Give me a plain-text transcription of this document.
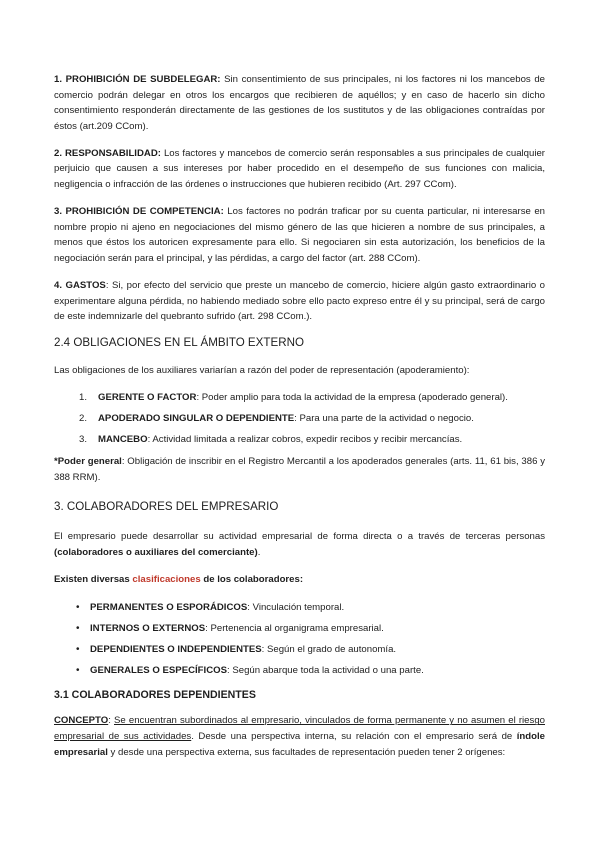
1. PROHIBICIÓN DE SUBDELEGAR: Sin consentimiento de sus principales, ni los factores ni los mancebos de comercio podrán delegar en otros los encargos que recibieren de aquéllos; y en caso de hacerlo sin dicho consentimiento responderán directamente de las gestiones de los sustitutos y de las obligaciones contraídas por éstos (art.209 CCom).

2. RESPONSABILIDAD: Los factores y mancebos de comercio serán responsables a sus principales de cualquier perjuicio que causen a sus intereses por haber procedido en el desempeño de sus funciones con malicia, negligencia o infracción de las órdenes o instrucciones que hubieren recibido (Art. 297 CCom).

3. PROHIBICIÓN DE COMPETENCIA: Los factores no podrán traficar por su cuenta particular, ni interesarse en nombre propio ni ajeno en negociaciones del mismo género de las que hicieren a nombre de sus principales, a menos que éstos los autoricen expresamente para ello. Si negociaren sin esta autorización, los beneficios de la negociación serán para el principal, y las pérdidas, a cargo del factor (art. 288 CCom).

4. GASTOS: Si, por efecto del servicio que preste un mancebo de comercio, hiciere algún gasto extraordinario o experimentare alguna pérdida, no habiendo mediado sobre ello pacto expreso entre él y su principal, será de cargo de este indemnizarle del quebranto sufrido (art. 298 CCom.).

2.4 OBLIGACIONES EN EL ÁMBITO EXTERNO

Las obligaciones de los auxiliares variarían a razón del poder de representación (apoderamiento):

1. GERENTE O FACTOR: Poder amplio para toda la actividad de la empresa (apoderado general).
2. APODERADO SINGULAR O DEPENDIENTE: Para una parte de la actividad o negocio.
3. MANCEBO: Actividad limitada a realizar cobros, expedir recibos y recibir mercancías.

*Poder general: Obligación de inscribir en el Registro Mercantil a los apoderados generales (arts. 11, 61 bis, 386 y 388 RRM).

3. COLABORADORES DEL EMPRESARIO

El empresario puede desarrollar su actividad empresarial de forma directa o a través de terceras personas (colaboradores o auxiliares del comerciante).

Existen diversas clasificaciones de los colaboradores:

• PERMANENTES O ESPORÁDICOS: Vinculación temporal.
• INTERNOS O EXTERNOS: Pertenencia al organigrama empresarial.
• DEPENDIENTES O INDEPENDIENTES: Según el grado de autonomía.
• GENERALES O ESPECÍFICOS: Según abarque toda la actividad o una parte.
3.1 COLABORADORES DEPENDIENTES

CONCEPTO: Se encuentran subordinados al empresario, vinculados de forma permanente y no asumen el riesgo empresarial de sus actividades. Desde una perspectiva interna, su relación con el empresario será de índole empresarial y desde una perspectiva externa, sus facultades de representación pueden tener 2 orígenes:
